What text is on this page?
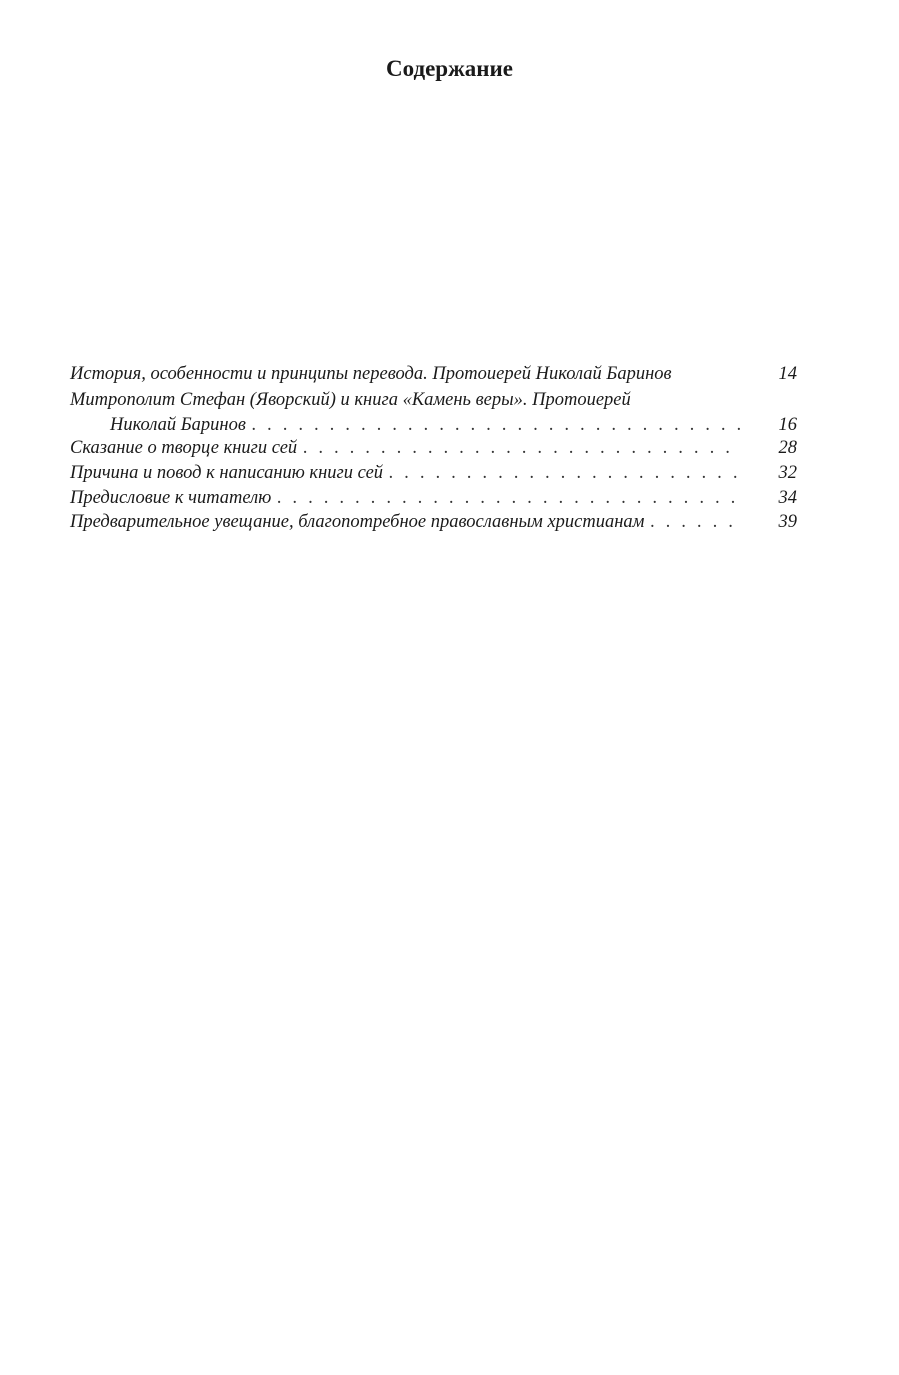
Содержание
История, особенности и принципы перевода. Протоиерей Николай Баринов	14
Митрополит Стефан (Яворский) и книга «Камень веры». Протоиерей
Николай Баринов . . .	16
Сказание о творце книги сей . . .	28
Причина и повод к написанию книги сей . . .	32
Предисловие к читателю . . .	34
Предварительное увещание, благопотребное православным христианам . . .	39
